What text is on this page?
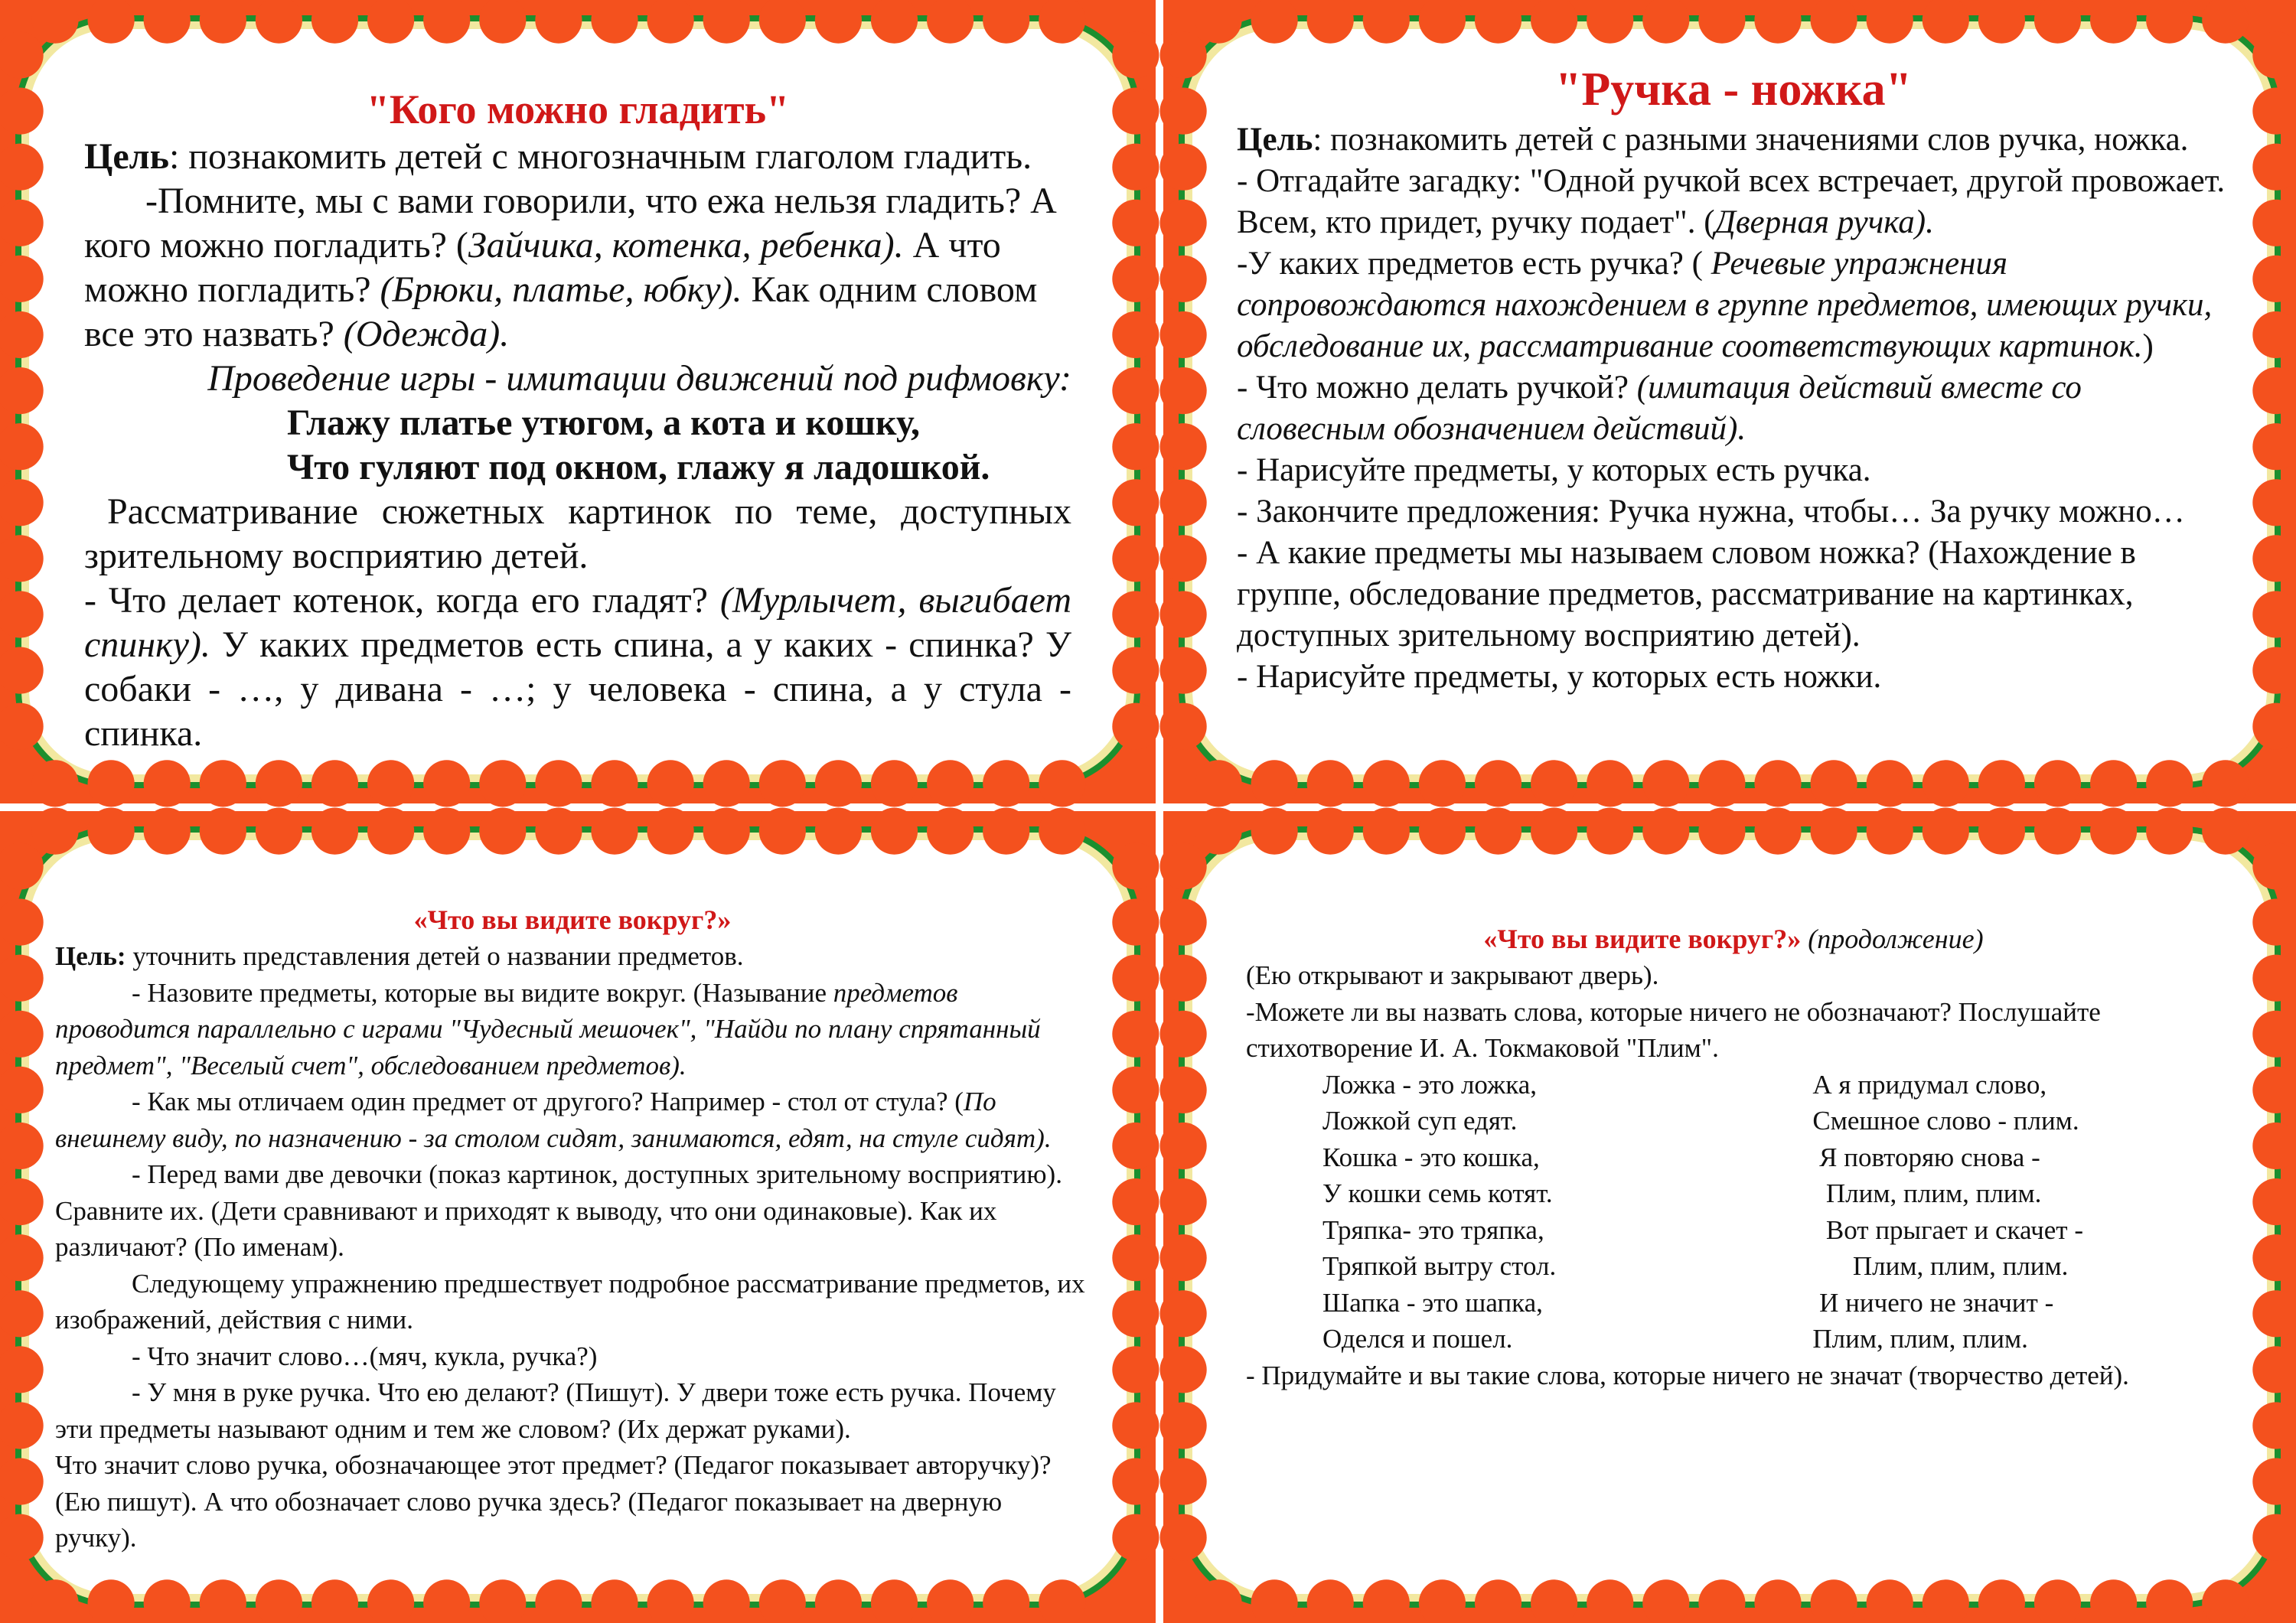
"Кого можно гладить"

Цель: познакомить детей с многозначным глаголом гладить.

-Помните, мы с вами говорили, что ежа нельзя гладить? А кого можно погладить? (Зайчика, котенка, ребенка). А что можно погладить? (Брюки, платье, юбку). Как одним словом все это назвать? (Одежда).

Проведение игры - имитации движений под рифмовку:

Глажу платье утюгом, а кота и кошку,

Что гуляют под окном, глажу я ладошкой.

Рассматривание сюжетных картинок по теме, доступных зрительному восприятию детей.

- Что делает котенок, когда его гладят? (Мурлычет, выгибает спинку). У каких предметов есть спина, а у каких - спинка? У собаки - …, у дивана - …; у человека - спина, а у стула - спинка.

"Ручка - ножка"

Цель: познакомить детей с разными значениями слов ручка, ножка.

- Отгадайте загадку: "Одной ручкой всех встречает, другой провожает. Всем, кто придет, ручку подает". (Дверная ручка).

-У каких предметов есть ручка? ( Речевые упражнения сопровождаются нахождением в группе предметов, имеющих ручки, обследование их, рассматривание соответствующих картинок.)

- Что можно делать ручкой? (имитация действий вместе со словесным обозначением действий).

- Нарисуйте предметы, у которых есть ручка.

- Закончите предложения: Ручка нужна, чтобы… За ручку можно…

- А какие предметы мы называем словом ножка? (Нахождение в группе, обследование предметов, рассматривание на картинках, доступных зрительному восприятию детей).

- Нарисуйте предметы, у которых есть ножки.

«Что вы видите вокруг?»

Цель: уточнить представления детей о названии предметов.

- Назовите предметы, которые вы видите вокруг. (Называние предметов проводится параллельно с играми "Чудесный мешочек", "Найди по плану спрятанный предмет", "Веселый счет", обследованием предметов).

- Как мы отличаем один предмет от другого? Например - стол от стула? (По внешнему виду, по назначению - за столом сидят, занимаются, едят, на стуле сидят).

- Перед вами две девочки (показ картинок, доступных зрительному восприятию). Сравните их. (Дети сравнивают и приходят к выводу, что они одинаковые). Как их различают? (По именам).

Следующему упражнению предшествует подробное рассматривание предметов, их изображений, действия с ними.

- Что значит слово…(мяч, кукла, ручка?)

- У мня в руке ручка. Что ею делают? (Пишут). У двери тоже есть ручка. Почему эти предметы называют одним и тем же словом? (Их держат руками).

Что значит слово ручка, обозначающее этот предмет? (Педагог показывает авторучку)? (Ею пишут). А что обозначает слово ручка здесь? (Педагог показывает на дверную ручку).

«Что вы видите вокруг?» (продолжение)

(Ею открывают и закрывают дверь).

-Можете ли вы назвать слова, которые ничего не обозначают? Послушайте стихотворение И. А. Токмаковой "Плим".

Ложка - это ложка,
Ложкой суп едят.
Кошка - это кошка,
У кошки семь котят.
Тряпка- это тряпка,
Тряпкой вытру стол.
Шапка - это шапка,
Оделся и пошел.
А я придумал слово,
Смешное слово - плим.
Я повторяю снова -
Плим, плим, плим.
Вот прыгает и скачет -
Плим, плим, плим.
И ничего не значит -
Плим, плим, плим.

- Придумайте и вы такие слова, которые ничего не значат (творчество детей).
